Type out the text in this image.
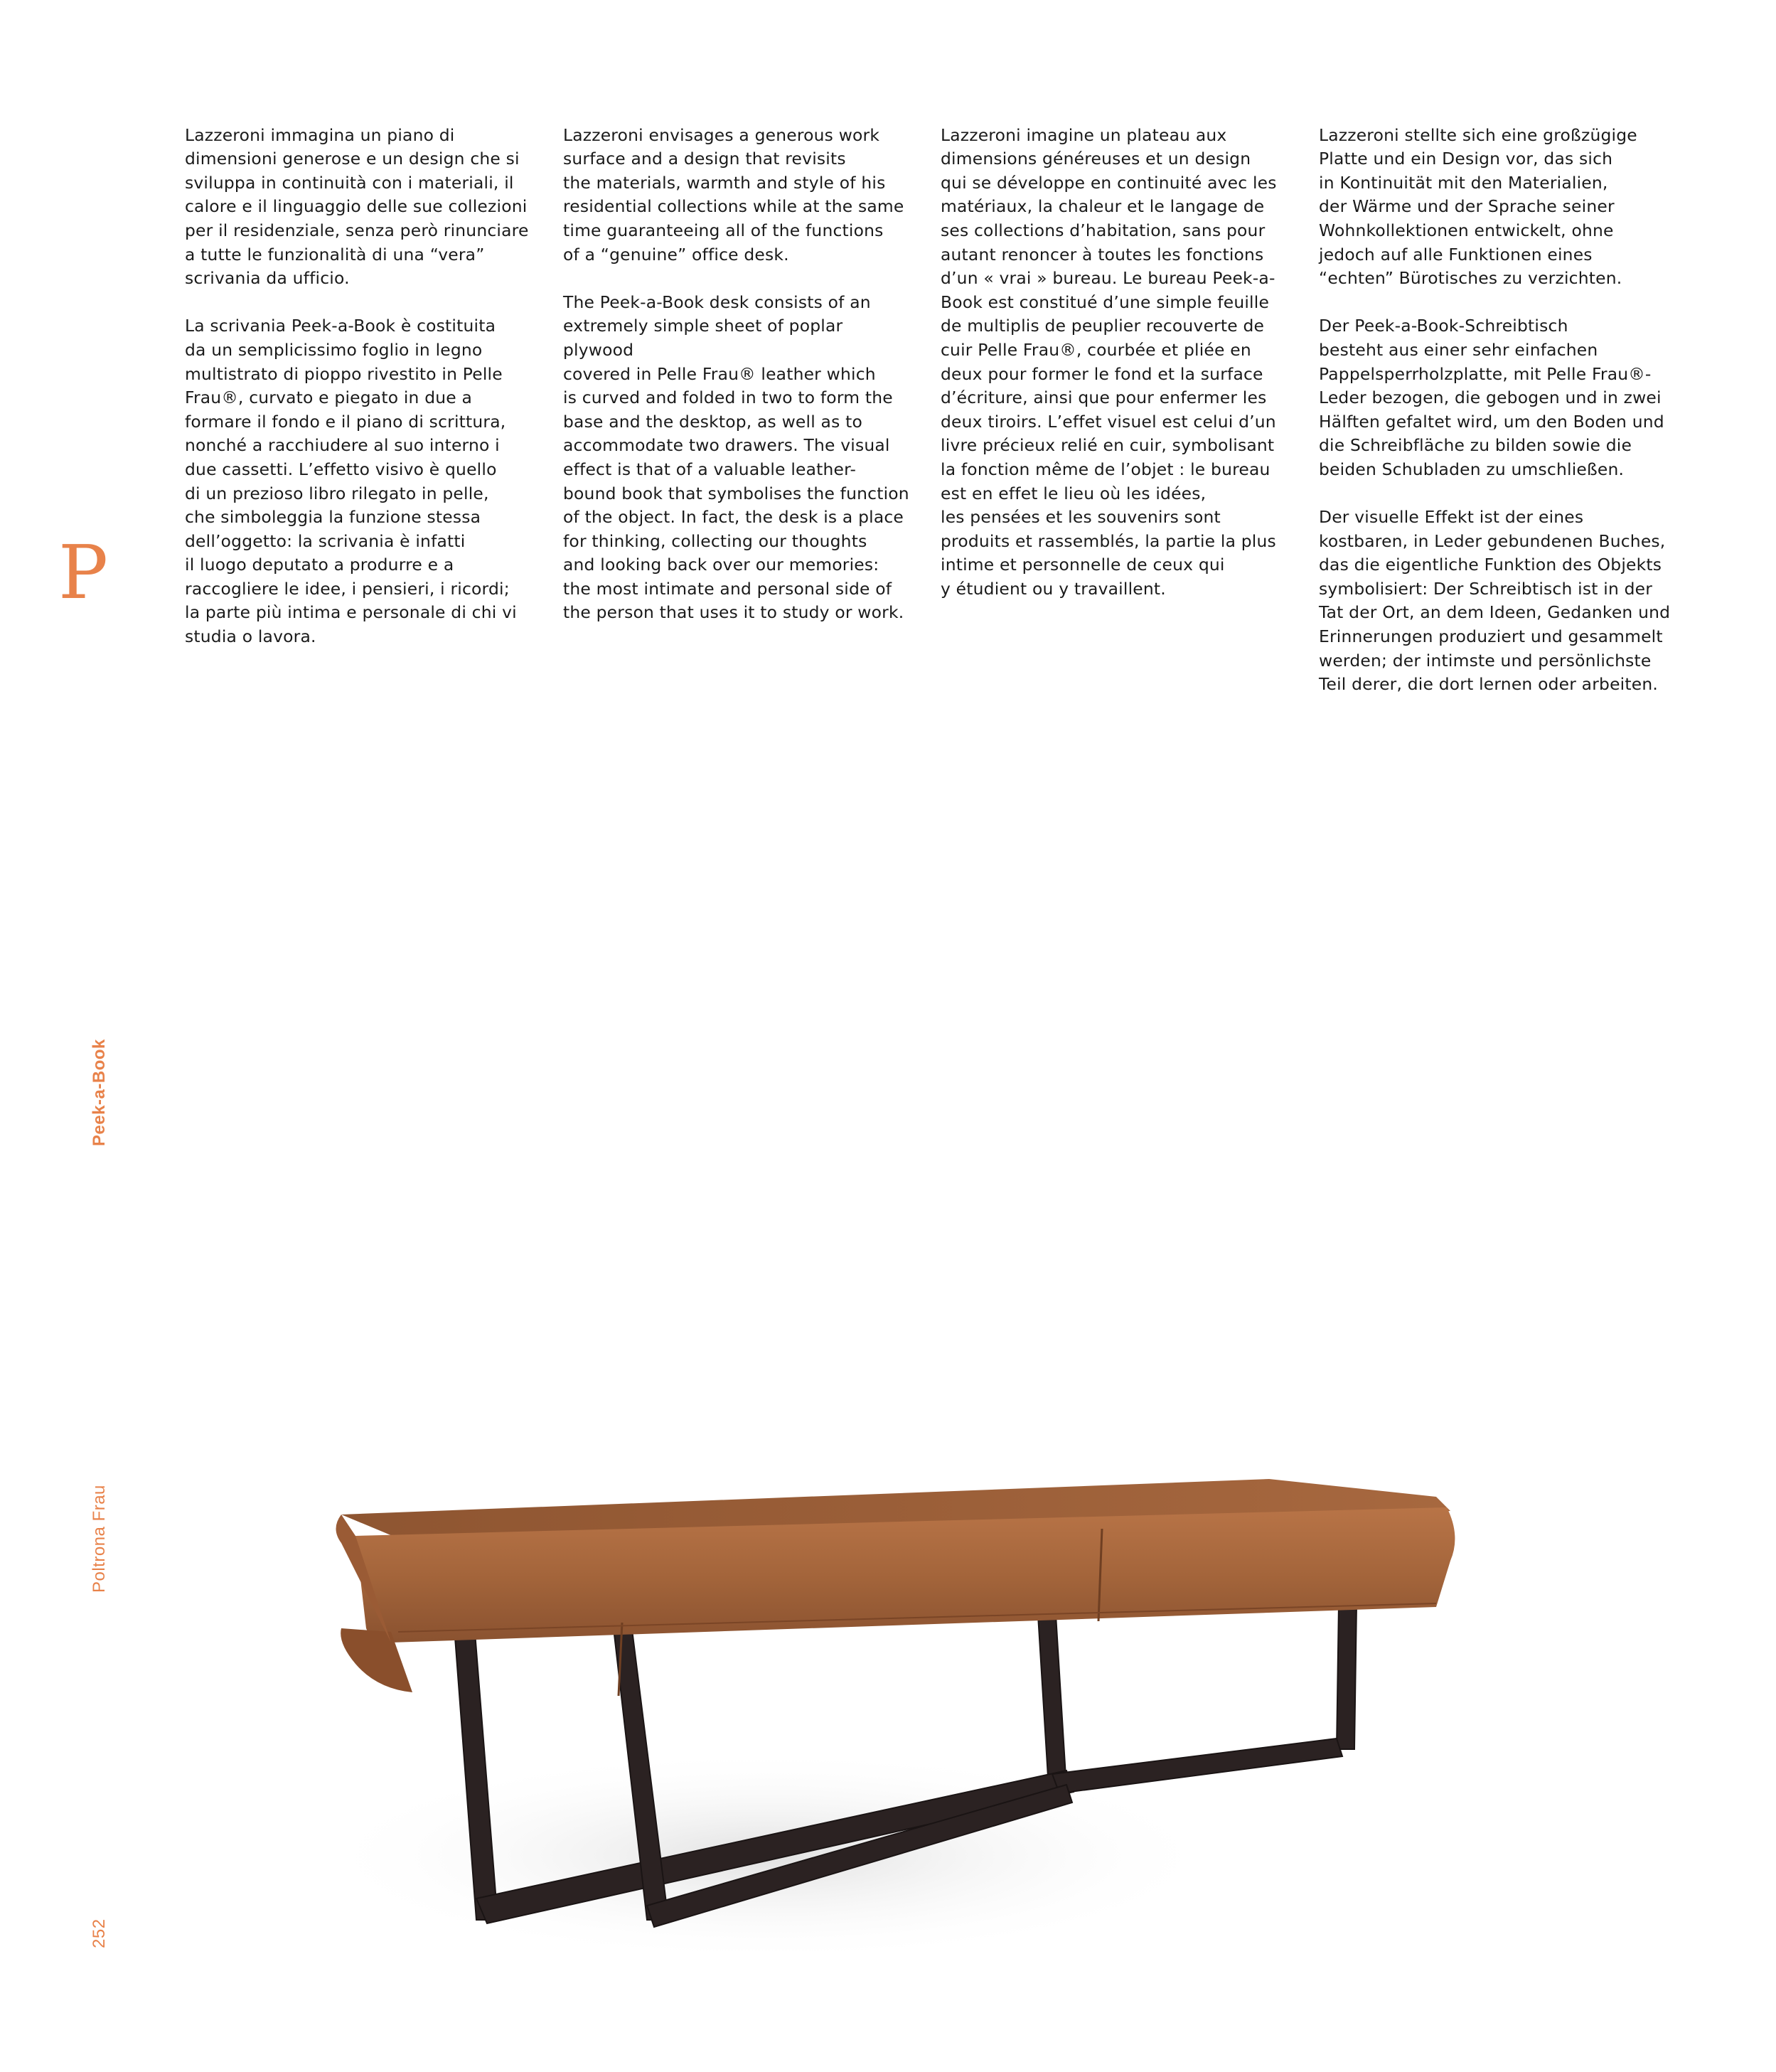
Lazzeroni immagina un piano di
dimensioni generose e un design che si
sviluppa in continuità con i materiali, il
calore e il linguaggio delle sue collezioni
per il residenziale, senza però rinunciare
a tutte le funzionalità di una “vera”
scrivania da ufficio.

La scrivania Peek-a-Book è costituita
da un semplicissimo foglio in legno
multistrato di pioppo rivestito in Pelle
Frau®, curvato e piegato in due a
formare il fondo e il piano di scrittura,
nonché a racchiudere al suo interno i
due cassetti. L’effetto visivo è quello
di un prezioso libro rilegato in pelle,
che simboleggia la funzione stessa
dell’oggetto: la scrivania è infatti
il luogo deputato a produrre e a
raccogliere le idee, i pensieri, i ricordi;
la parte più intima e personale di chi vi
studia o lavora.

Lazzeroni envisages a generous work
surface and a design that revisits
the materials, warmth and style of his
residential collections while at the same
time guaranteeing all of the functions
of a “genuine” office desk.

The Peek-a-Book desk consists of an
extremely simple sheet of poplar plywood
covered in Pelle Frau® leather which
is curved and folded in two to form the
base and the desktop, as well as to
accommodate two drawers. The visual
effect is that of a valuable leather-
bound book that symbolises the function
of the object. In fact, the desk is a place
for thinking, collecting our thoughts
and looking back over our memories:
the most intimate and personal side of
the person that uses it to study or work.

Lazzeroni imagine un plateau aux
dimensions généreuses et un design
qui se développe en continuité avec les
matériaux, la chaleur et le langage de
ses collections d’habitation, sans pour
autant renoncer à toutes les fonctions
d’un « vrai » bureau. Le bureau Peek-a-
Book est constitué d’une simple feuille
de multiplis de peuplier recouverte de
cuir Pelle Frau®, courbée et pliée en
deux pour former le fond et la surface
d’écriture, ainsi que pour enfermer les
deux tiroirs. L’effet visuel est celui d’un
livre précieux relié en cuir, symbolisant
la fonction même de l’objet : le bureau
est en effet le lieu où les idées,
les pensées et les souvenirs sont
produits et rassemblés, la partie la plus
intime et personnelle de ceux qui
y étudient ou y travaillent.

Lazzeroni stellte sich eine großzügige
Platte und ein Design vor, das sich
in Kontinuität mit den Materialien,
der Wärme und der Sprache seiner
Wohnkollektionen entwickelt, ohne
jedoch auf alle Funktionen eines
“echten” Bürotisches zu verzichten.

Der Peek-a-Book-Schreibtisch
besteht aus einer sehr einfachen
Pappelsperrholzplatte, mit Pelle Frau®-
Leder bezogen, die gebogen und in zwei
Hälften gefaltet wird, um den Boden und
die Schreibfläche zu bilden sowie die
beiden Schubladen zu umschließen.

Der visuelle Effekt ist der eines
kostbaren, in Leder gebundenen Buches,
das die eigentliche Funktion des Objekts
symbolisiert: Der Schreibtisch ist in der
Tat der Ort, an dem Ideen, Gedanken und
Erinnerungen produziert und gesammelt
werden; der intimste und persönlichste
Teil derer, die dort lernen oder arbeiten.

P
Peek-a-Book
Poltrona Frau
252
